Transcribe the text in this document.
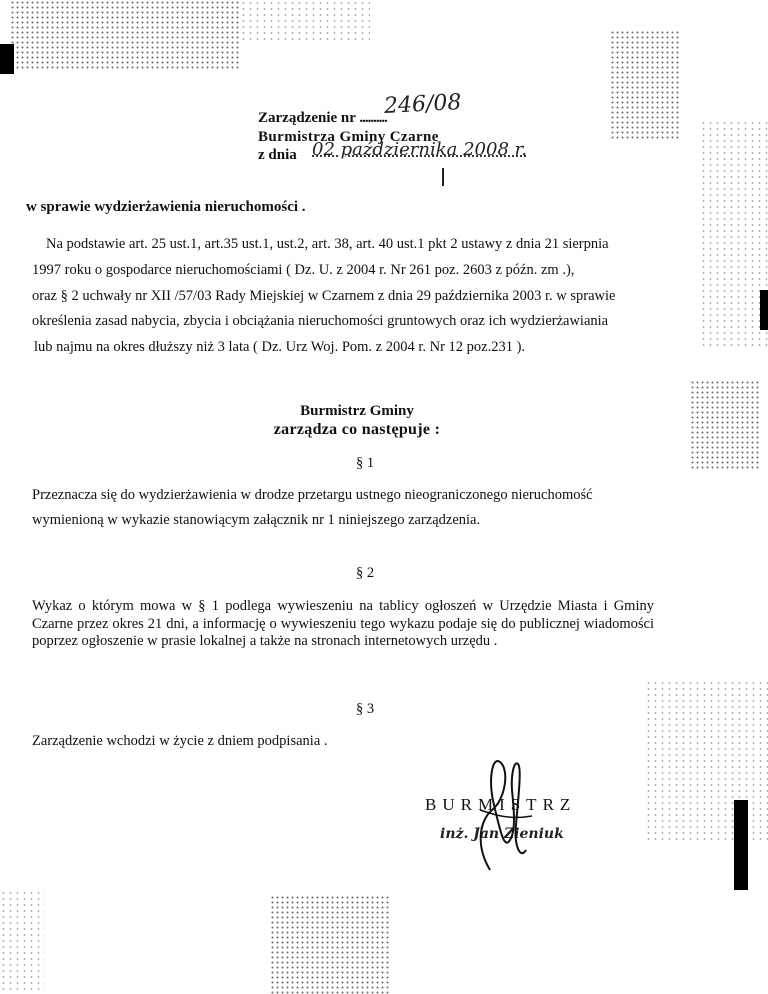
Zarządzenie nr ..........
246/08
Burmistrza Gminy Czarne
z dnia 02 października 2008 r.
w sprawie wydzierżawienia nieruchomości .
Na podstawie art. 25 ust.1, art.35 ust.1, ust.2, art. 38, art. 40 ust.1 pkt 2 ustawy z dnia 21 sierpnia
1997 roku o gospodarce nieruchomościami ( Dz. U. z 2004 r. Nr 261 poz. 2603 z późn. zm .),
oraz § 2 uchwały nr XII /57/03 Rady Miejskiej w Czarnem z dnia 29 października 2003 r. w sprawie
określenia zasad nabycia, zbycia i obciążania nieruchomości gruntowych oraz ich wydzierżawiania
lub najmu na okres dłuższy niż 3 lata ( Dz. Urz Woj. Pom. z 2004 r. Nr 12 poz.231 ).
Burmistrz Gminy
zarządza co następuje :
§ 1
Przeznacza się do wydzierżawienia w drodze przetargu ustnego nieograniczonego nieruchomość
wymienioną w wykazie stanowiącym załącznik nr 1 niniejszego zarządzenia.
§ 2
Wykaz o którym mowa w § 1 podlega wywieszeniu na tablicy ogłoszeń w Urzędzie Miasta i Gminy Czarne przez okres 21 dni, a informację o wywieszeniu tego wykazu podaje się do publicznej wiadomości poprzez ogłoszenie w prasie lokalnej a także na stronach internetowych urzędu .
§ 3
Zarządzenie wchodzi w życie z dniem podpisania .
BURMISTRZ
inż. Jan Zieniuk
